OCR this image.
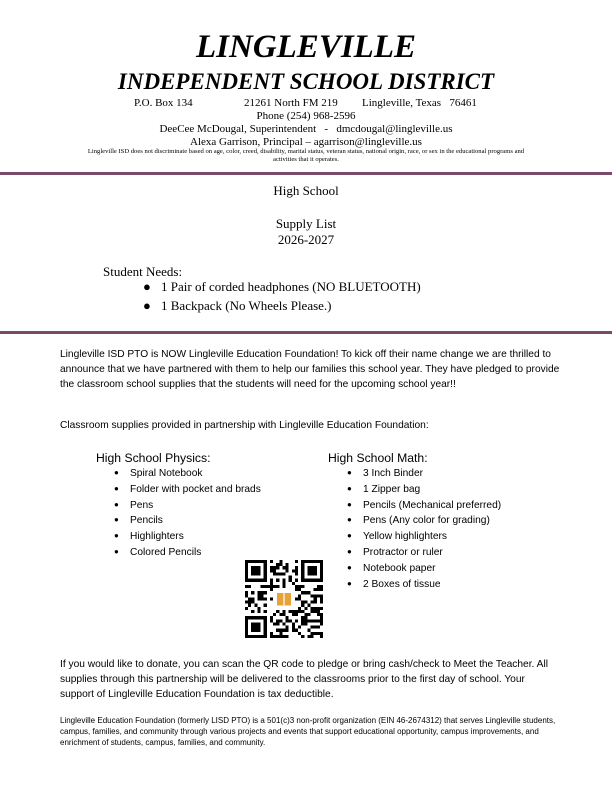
LINGLEVILLE
INDEPENDENT SCHOOL DISTRICT
P.O. Box 134	21261 North FM 219 Lingleville, Texas   76461
Phone (254) 968-2596
DeeCee McDougal, Superintendent   -   dmcdougal@lingleville.us
Alexa Garrison, Principal – agarrison@lingleville.us
Lingleville ISD does not discriminate based on age, color, creed, disability, marital status, veteran status, national origin, race, or sex in the educational programs and activities that it operates.
High School
Supply List
2026-2027
Student Needs:
● 1 Pair of corded headphones (NO BLUETOOTH)
● 1 Backpack (No Wheels Please.)
Lingleville ISD PTO is NOW Lingleville Education Foundation! To kick off their name change we are thrilled to announce that we have partnered with them to help our families this school year. They have pledged to provide the classroom school supplies that the students will need for the upcoming school year!!
Classroom supplies provided in partnership with Lingleville Education Foundation:
High School Physics:
● Spiral Notebook
● Folder with pocket and brads
● Pens
● Pencils
● Highlighters
● Colored Pencils
High School Math:
● 3 Inch Binder
● 1 Zipper bag
● Pencils (Mechanical preferred)
● Pens (Any color for grading)
● Yellow highlighters
● Protractor or ruler
● Notebook paper
● 2 Boxes of tissue
If you would like to donate, you can scan the QR code to pledge or bring cash/check to Meet the Teacher. All supplies through this partnership will be delivered to the classrooms prior to the first day of school. Your support of Lingleville Education Foundation is tax deductible.
Lingleville Education Foundation (formerly LISD PTO) is a 501(c)3 non-profit organization (EIN 46-2674312) that serves Lingleville students, campus, families, and community through various projects and events that support educational opportunity, campus improvements, and enrichment of students, campus, families, and community.
